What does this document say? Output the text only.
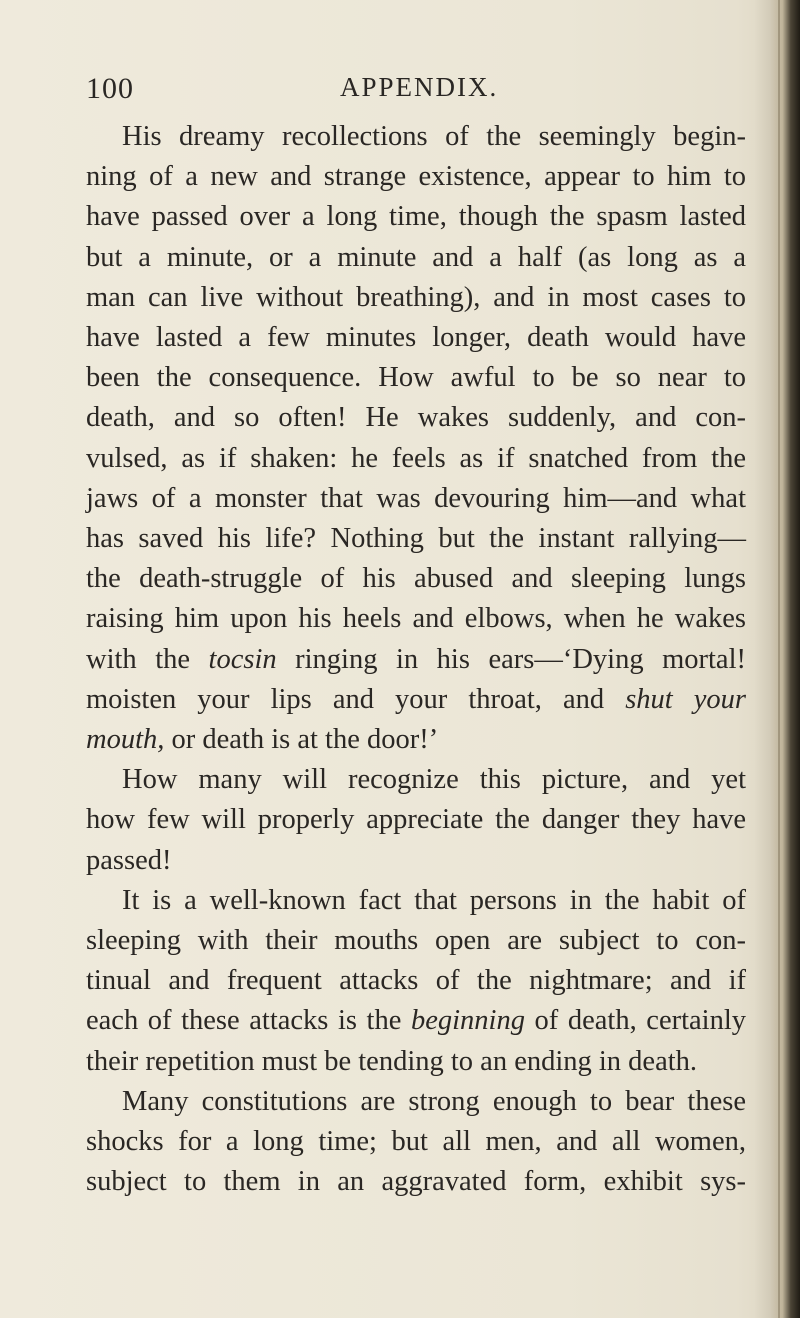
100	APPENDIX.
His dreamy recollections of the seemingly begin-
ning of a new and strange existence, appear to him to
have passed over a long time, though the spasm lasted
but a minute, or a minute and a half (as long as a
man can live without breathing), and in most cases to
have lasted a few minutes longer, death would have
been the consequence. How awful to be so near to
death, and so often! He wakes suddenly, and con-
vulsed, as if shaken: he feels as if snatched from the
jaws of a monster that was devouring him—and what
has saved his life? Nothing but the instant rallying—
the death-struggle of his abused and sleeping lungs
raising him upon his heels and elbows, when he wakes
with the tocsin ringing in his ears—‘Dying mortal!
moisten your lips and your throat, and shut your
mouth, or death is at the door!’
How many will recognize this picture, and yet
how few will properly appreciate the danger they have
passed!
It is a well-known fact that persons in the habit of
sleeping with their mouths open are subject to con-
tinual and frequent attacks of the nightmare; and if
each of these attacks is the beginning of death, certainly
their repetition must be tending to an ending in death.
Many constitutions are strong enough to bear these
shocks for a long time; but all men, and all women,
subject to them in an aggravated form, exhibit sys-
